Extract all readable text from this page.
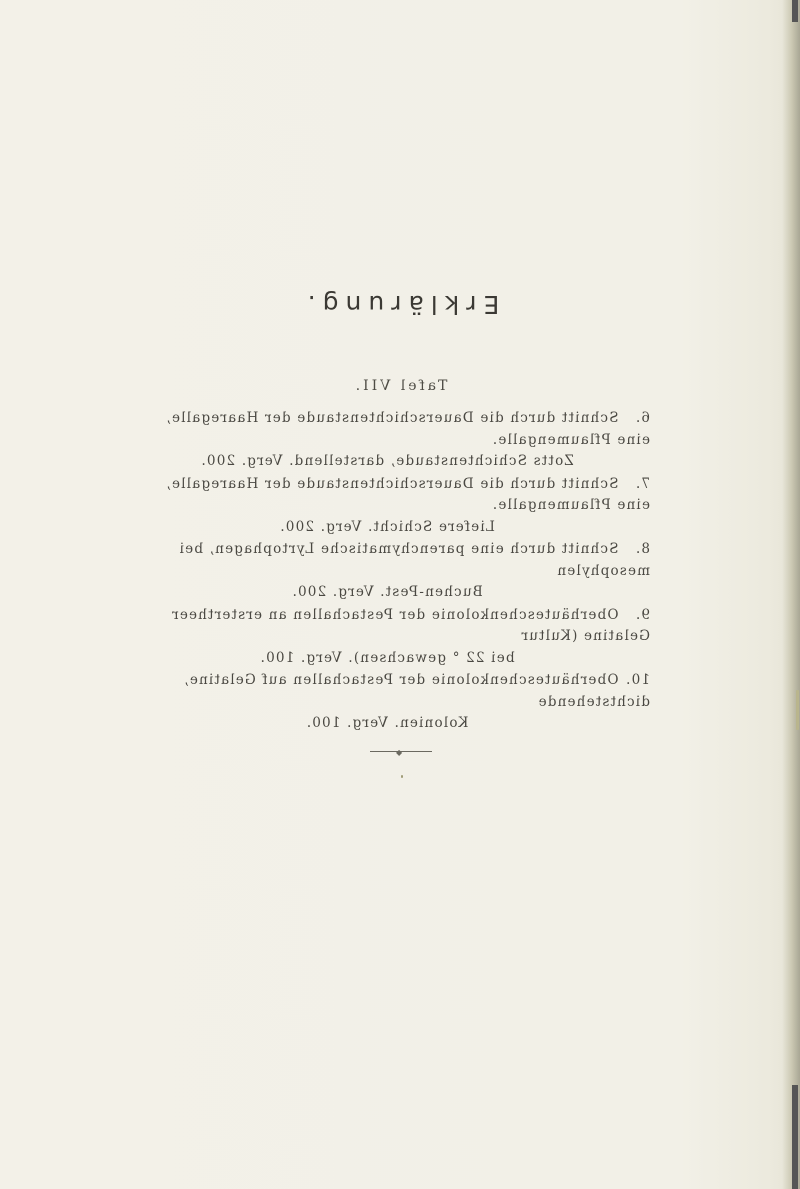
Erklärung.
Tafel VII.
6. Schnitt durch die Dauerschichtenstaude der Haaregalle, eine Pflaumengalle.
Zotts Schichtenstaude, darstellend. Verg. 200.
7. Schnitt durch die Dauerschichtenstaude der Haaregalle, eine Pflaumengalle.
Liefere Schicht. Verg. 200.
8. Schnitt durch eine parenchymatische Lyrtophagen, bei mesophylen
Buchen-Pest. Verg. 200.
9. Oberhäuteschenkolonie der Pestachallen an erstertheer Gelatine (Kultur
bei 22 ° gewachsen). Verg. 100.
10. Oberhäuteschenkolonie der Pestachallen auf Gelatine, dichtstehende
Kolonien. Verg. 100.
◆
